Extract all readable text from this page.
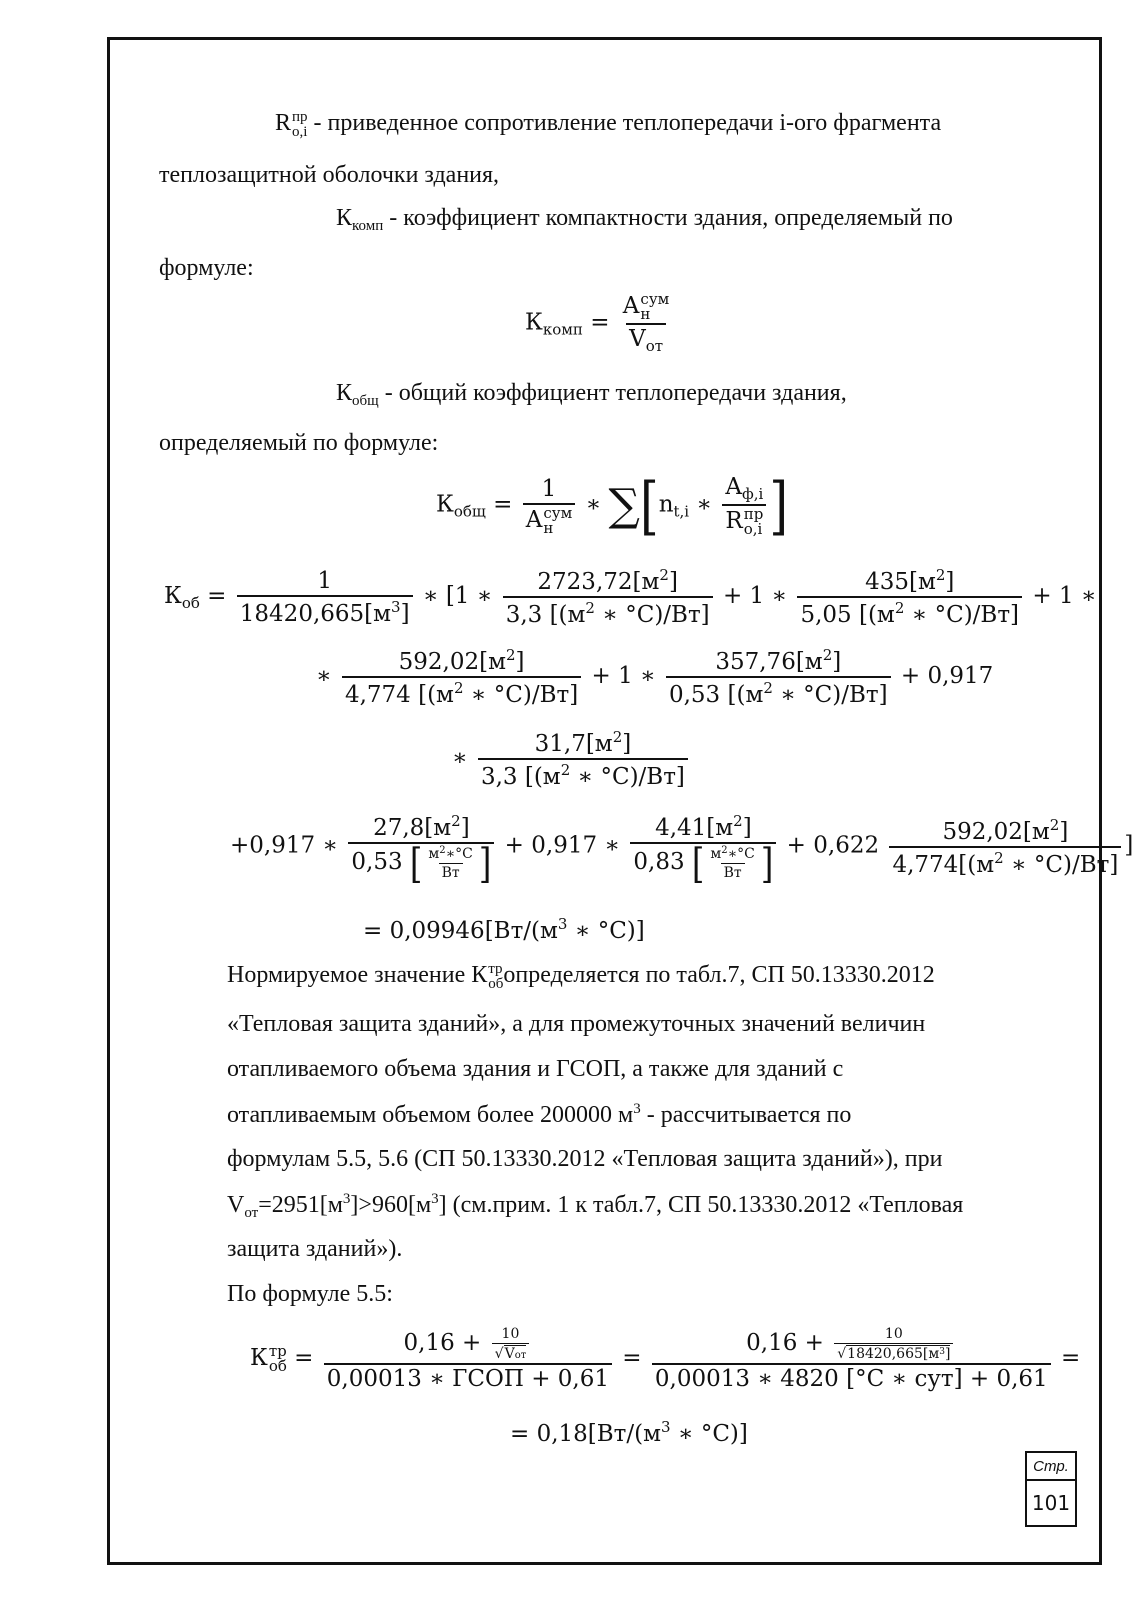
R пр
o,i - приведенное сопротивление теплопередачи i-ого фрагмента
теплозащитной оболочки здания,
$К_{комп}$ - коэффициент компактности здания, определяемый по
формуле:
$К_{комп} = A$ сум
н
$V_{от}$
$К_{общ}$ - общий коэффициент теплопередачи здания,
определяемый по формуле:
$К_{общ} = 1$
A сум
н ∗ $\sum[n_{t,i}$ ∗ $A_{ф,i}$
R пр
o,i ]
$К_{об} = \frac{1}{18420,665[м^3]}$ ∗ [1 ∗ $\frac{2723,72[м^2]}{3,3 [(м^2 ∗ ^\circ C)/Вт]} + 1$ ∗ $\frac{435[м^2]}{5,05 [(м^2 ∗ ^\circ C)/Вт]} + 1$ ∗
∗ $\frac{592,02[м^2]}{4,774 [(м^2 ∗ ^\circ C)/Вт]} + 1$ ∗ $\frac{357,76[м^2]}{0,53 [(м^2 ∗ ^\circ C)/Вт]} + 0,917$
∗ $\frac{31,7[м^2]}{3,3 [(м^2 ∗ ^\circ C)/Вт]}$
+0,917 ∗ $\frac{27,8[м^2]}{0,53 [ \frac{м^2∗^\circ C}{Вт} ]} + 0,917$ ∗ $\frac{4,41[м^2]}{0,83 [ \frac{м^2∗^\circ C}{Вт} ]} + 0,622 \frac{592,02[м^2]}{4,774[(м^2 ∗ ^\circ C)/Вт]}$ ]
= $0,09946[Вт/(м^3$ ∗ °C)]
Нормируемое значение К тр
об определяется по табл.7, СП 50.13330.2012
«Тепловая защита зданий», а для промежуточных значений величин
отапливаемого объема здания и ГСОП, а также для зданий с
отапливаемым объемом более 200000 $м^3$ - рассчитывается по
формулам 5.5, 5.6 (СП 50.13330.2012 «Тепловая защита зданий»), при
$V_{от}=2951[м^3]>960[м^3]$ (см.прим. 1 к табл.7, СП 50.13330.2012 «Тепловая
защита зданий»).
По формуле 5.5:
К тр
об = $\frac{0,16 + \frac{10}{\text{√Vот}}}{\text{0,00013 ∗ ГСОП + 0,61}} = \frac{0,16 + \frac{10}{√18420,665[м^3]}}{\text{0,00013 ∗ 4820 [°C ∗ сут] + 0,61}}$ =
= $0,18[Вт/(м^3$ ∗ °C)]
Стр.
101
